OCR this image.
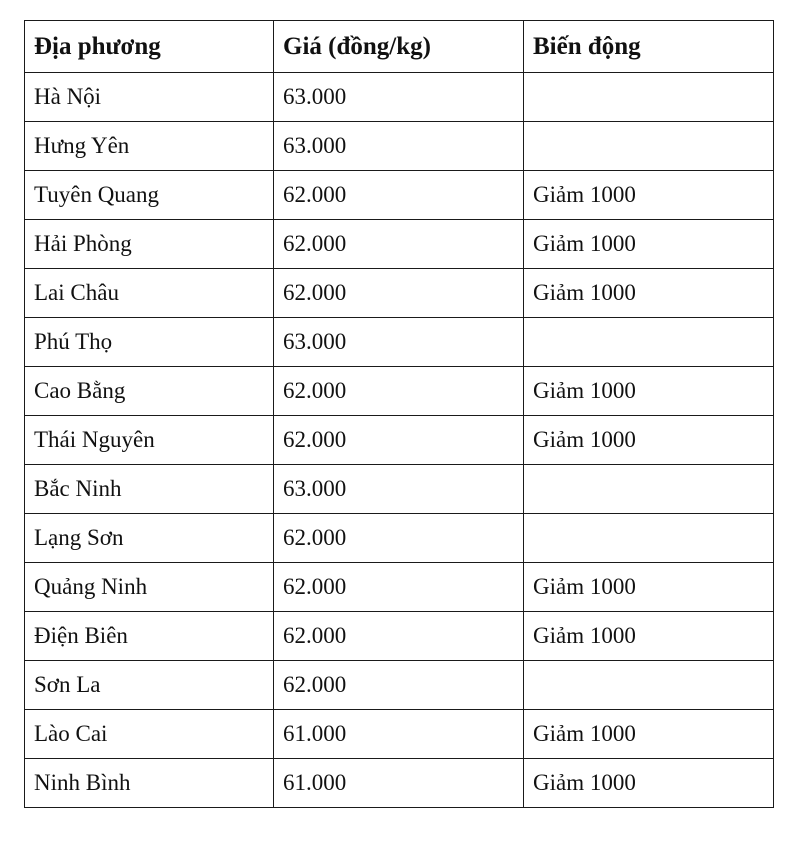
Địa phương	Giá (đồng/kg)	Biến động
Hà Nội	63.000	
Hưng Yên	63.000	
Tuyên Quang	62.000	Giảm 1000
Hải Phòng	62.000	Giảm 1000
Lai Châu	62.000	Giảm 1000
Phú Thọ	63.000	
Cao Bằng	62.000	Giảm 1000
Thái Nguyên	62.000	Giảm 1000
Bắc Ninh	63.000	
Lạng Sơn	62.000	
Quảng Ninh	62.000	Giảm 1000
Điện Biên	62.000	Giảm 1000
Sơn La	62.000	
Lào Cai	61.000	Giảm 1000
Ninh Bình	61.000	Giảm 1000
